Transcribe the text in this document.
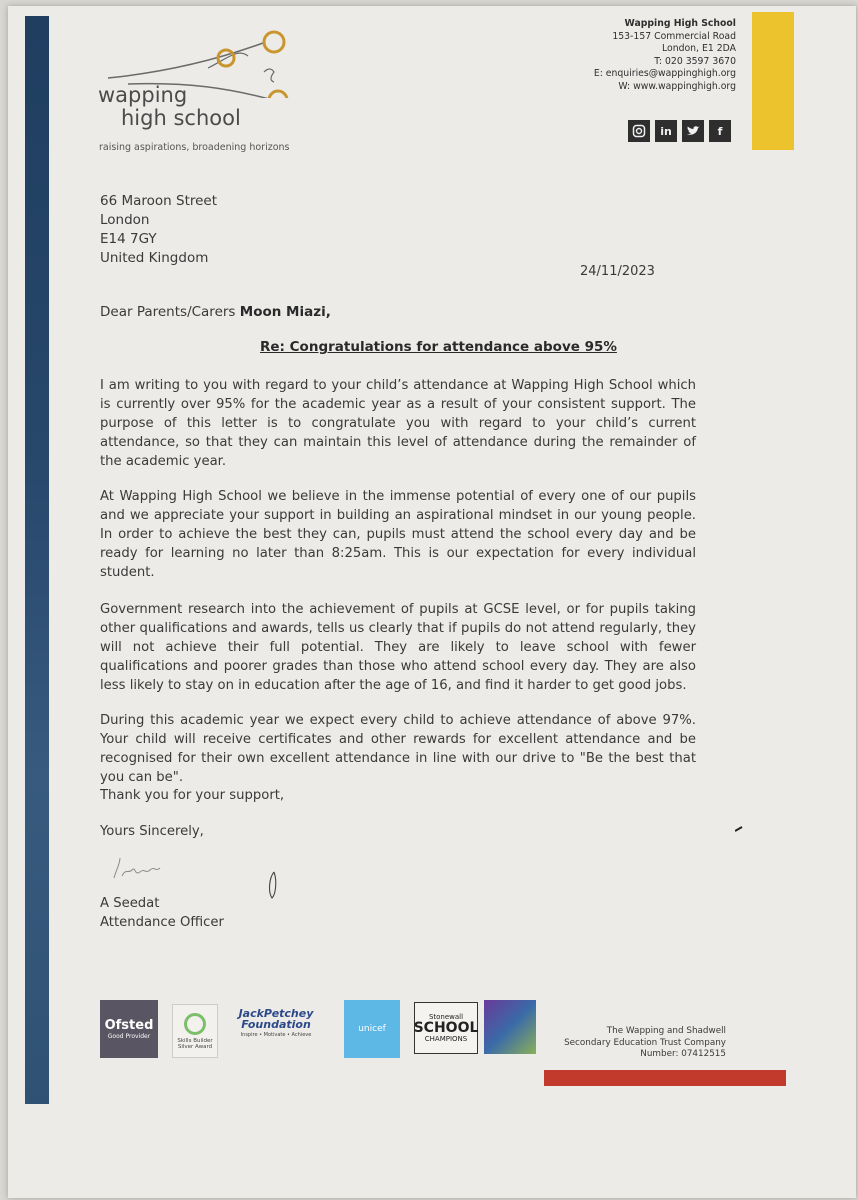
wapping
high school
raising aspirations, broadening horizons
Wapping High School
153-157 Commercial Road
London, E1 2DA
T: 020 3597 3670
E: enquiries@wappinghigh.org
W: www.wappinghigh.org
in	f
66 Maroon Street
London
E14 7GY
United Kingdom
24/11/2023
Dear Parents/Carers Moon Miazi,
Re: Congratulations for attendance above 95%
I am writing to you with regard to your child’s attendance at Wapping High School which is currently over 95% for the academic year as a result of your consistent support. The purpose of this letter is to congratulate you with regard to your child’s current attendance, so that they can maintain this level of attendance during the remainder of the academic year.
At Wapping High School we believe in the immense potential of every one of our pupils and we appreciate your support in building an aspirational mindset in our young people. In order to achieve the best they can, pupils must attend the school every day and be ready for learning no later than 8:25am. This is our expectation for every individual student.
Government research into the achievement of pupils at GCSE level, or for pupils taking other qualifications and awards, tells us clearly that if pupils do not attend regularly, they will not achieve their full potential. They are likely to leave school with fewer qualifications and poorer grades than those who attend school every day. They are also less likely to stay on in education after the age of 16, and find it harder to get good jobs.
During this academic year we expect every child to achieve attendance of above 97%. Your child will receive certificates and other rewards for excellent attendance and be recognised for their own excellent attendance in line with our drive to "Be the best that you can be".
Thank you for your support,
Yours Sincerely,
A Seedat
Attendance Officer
Ofsted
Good Provider
Skills Builder
Silver Award
JackPetchey
Foundation
Inspire • Motivate • Achieve
unicef
Stonewall
SCHOOL
CHAMPIONS
The Wapping and Shadwell
Secondary Education Trust Company
Number: 07412515
